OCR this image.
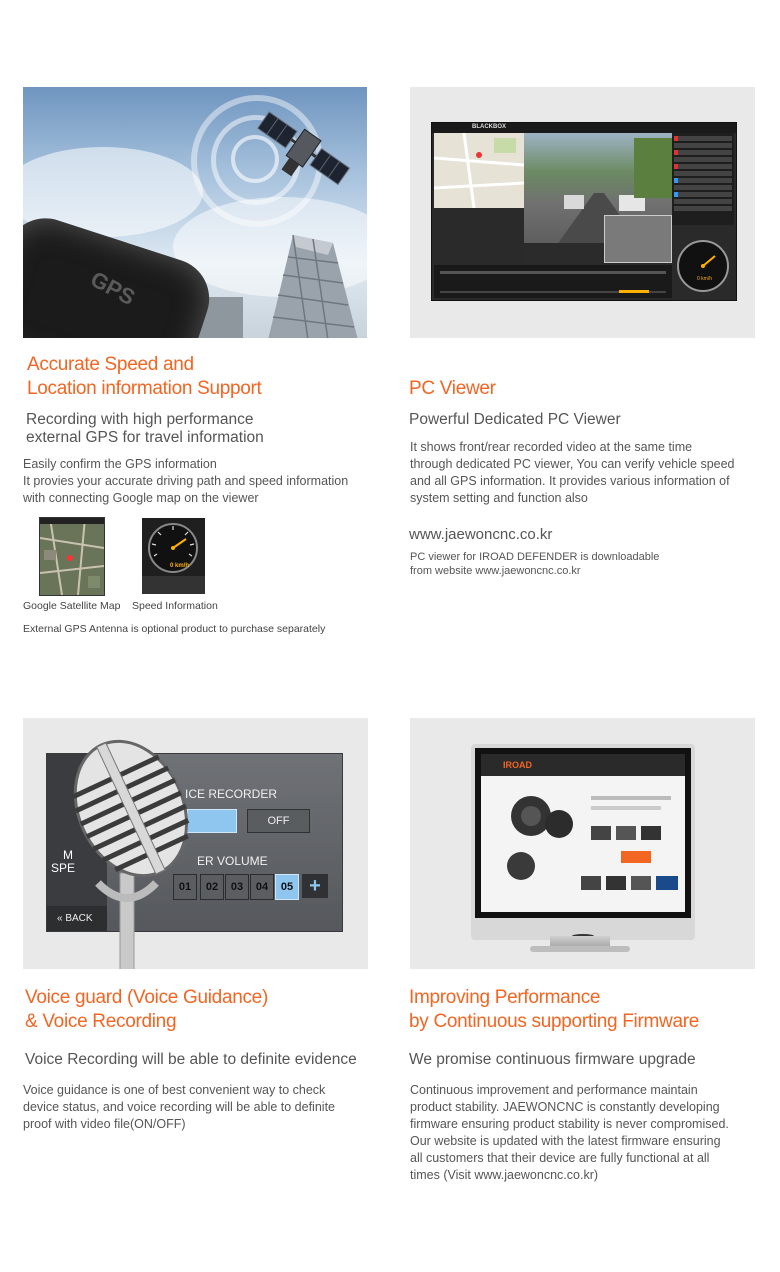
GPS
Accurate Speed and
Location information Support
Recording with high performance
external GPS for travel information
Easily confirm the GPS information
It provies your accurate driving path and speed information
with connecting Google map on the viewer
Google Satellite Map
0 km/h
Speed Information
External GPS Antenna is optional product to purchase separately
BLACKBOX
0 km/h
PC Viewer
Powerful Dedicated PC Viewer
It shows front/rear recorded video at the same time
through dedicated PC viewer, You can verify vehicle speed
and all GPS information. It provides various information of
system setting and function also
www.jaewoncnc.co.kr
PC viewer for IROAD DEFENDER is downloadable
from website www.jaewoncnc.co.kr
M
SPE
ICE RECORDER
OFF
ER VOLUME
01	02	03	04	05 +
« BACK
Voice guard (Voice Guidance)
& Voice Recording
Voice Recording will be able to definite evidence
Voice guidance is one of best convenient way to check
device status, and voice recording will be able to definite
proof with video file(ON/OFF)
IROAD
Improving Performance
by Continuous supporting Firmware
We promise continuous firmware upgrade
Continuous improvement and performance maintain
product stability. JAEWONCNC is constantly developing
firmware ensuring product stability is never compromised.
Our website is updated with the latest firmware ensuring
all customers that their device are fully functional at all
times (Visit www.jaewoncnc.co.kr)
